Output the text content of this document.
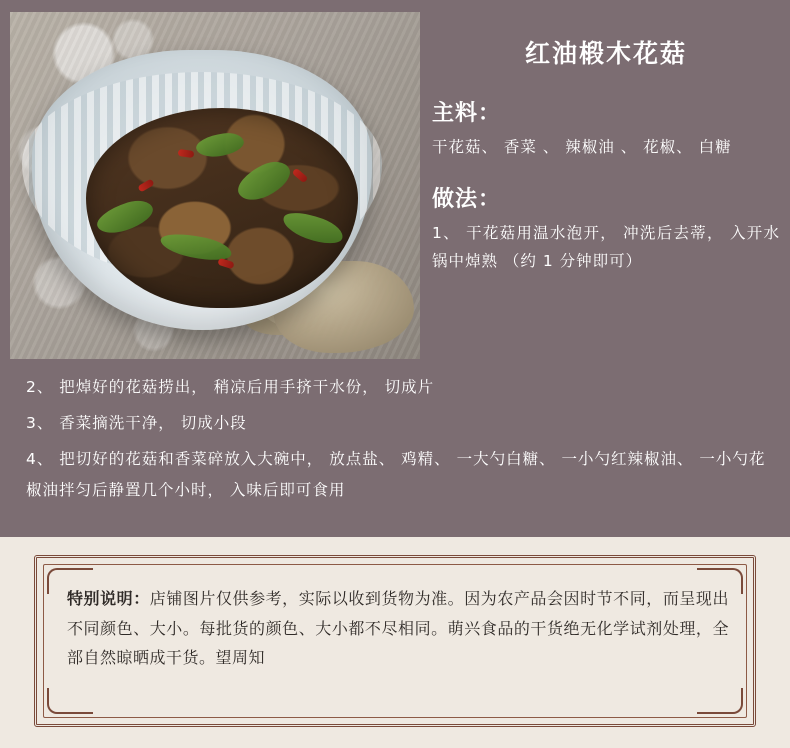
红油椴木花菇
主料：

干花菇、 香菜 、 辣椒油 、 花椒、 白糖

做法：

1、 干花菇用温水泡开， 冲洗后去蒂， 入开水锅中焯熟 （约 1 分钟即可）

2、 把焯好的花菇捞出， 稍凉后用手挤干水份， 切成片

3、 香菜摘洗干净， 切成小段

4、 把切好的花菇和香菜碎放入大碗中， 放点盐、 鸡精、 一大勺白糖、 一小勺红辣椒油、 一小勺花椒油拌匀后静置几个小时， 入味后即可食用

特别说明：店铺图片仅供参考，实际以收到货物为准。因为农产品会因时节不同，而呈现出不同颜色、大小。每批货的颜色、大小都不尽相同。萌兴食品的干货绝无化学试剂处理，全部自然晾晒成干货。望周知
